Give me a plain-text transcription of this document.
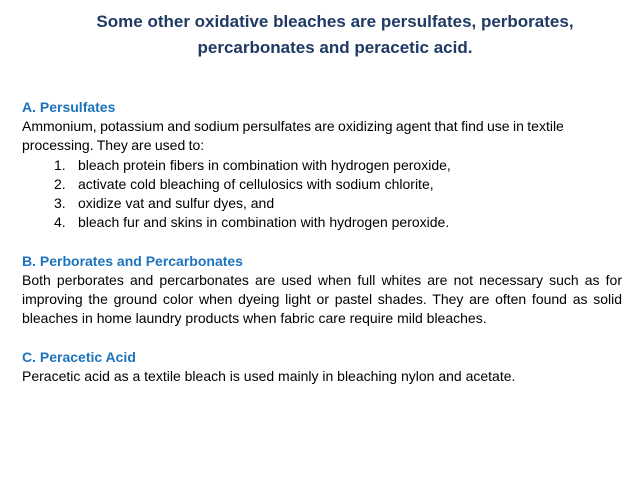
Some other oxidative bleaches are persulfates, perborates,
percarbonates and peracetic acid.
A. Persulfates

Ammonium, potassium and sodium persulfates are oxidizing agent that find use in textile processing. They are used to:

1. bleach protein fibers in combination with hydrogen peroxide,
2. activate cold bleaching of cellulosics with sodium chlorite,
3. oxidize vat and sulfur dyes, and
4. bleach fur and skins in combination with hydrogen peroxide.
B. Perborates and Percarbonates

Both perborates and percarbonates are used when full whites are not necessary such as for improving the ground color when dyeing light or pastel shades. They are often found as solid bleaches in home laundry products when fabric care require mild bleaches.

C. Peracetic Acid

Peracetic acid as a textile bleach is used mainly in bleaching nylon and acetate.
